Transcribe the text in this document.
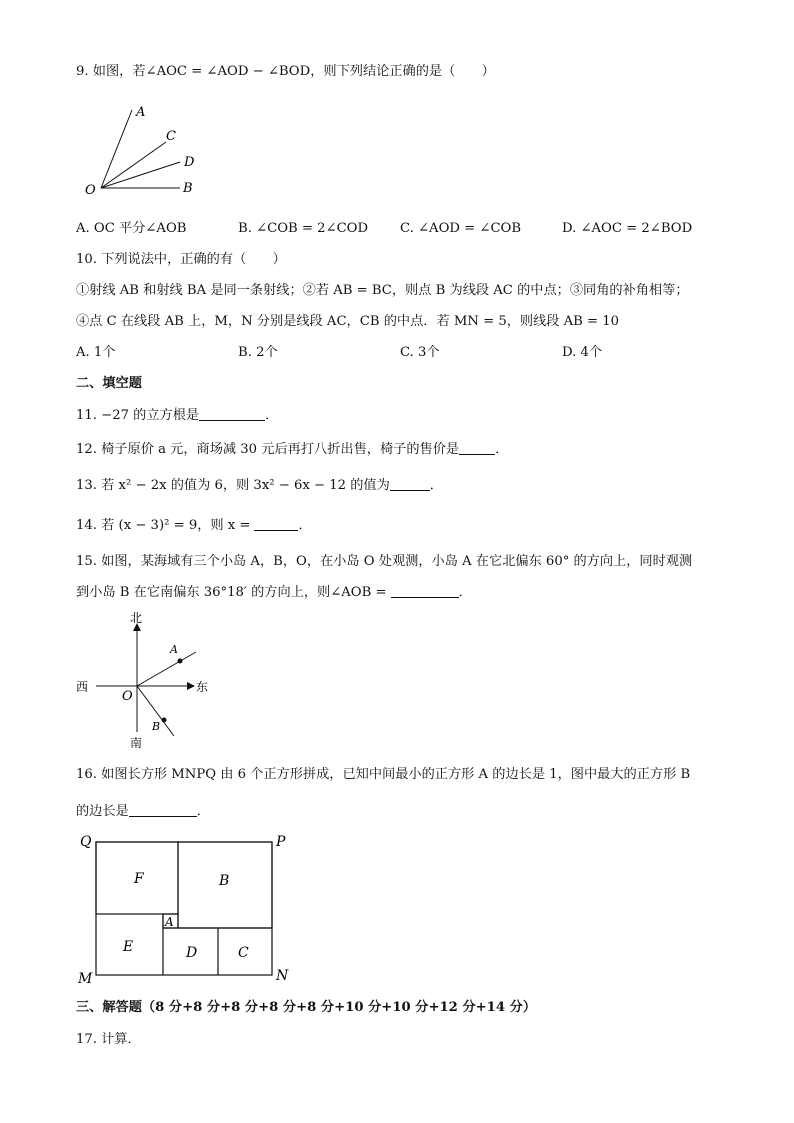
9. 如图，若∠AOC = ∠AOD − ∠BOD，则下列结论正确的是（　　）
A
C
D
O	B
A. OC 平分∠AOB	B. ∠COB = 2∠COD C. ∠AOD = ∠COB	D. ∠AOC = 2∠BOD
10. 下列说法中，正确的有（　　）
①射线 AB 和射线 BA 是同一条射线；②若 AB = BC，则点 B 为线段 AC 的中点；③同角的补角相等；
④点 C 在线段 AB 上，M，N 分别是线段 AC，CB 的中点．若 MN = 5，则线段 AB = 10
A. 1个	B. 2个	C. 3个	D. 4个
二、填空题
11. −27 的立方根是	．
12. 椅子原价 a 元，商场减 30 元后再打八折出售，椅子的售价是	．
13. 若 x² − 2x 的值为 6，则 3x² − 6x − 12 的值为	．
14. 若 (x − 3)² = 9，则 x =	．
15. 如图，某海域有三个小岛 A，B，O，在小岛 O 处观测，小岛 A 在它北偏东 60° 的方向上，同时观测
到小岛 B 在它南偏东 36°18′ 的方向上，则∠AOB =	．
北
南
西	东
O
A
B
16. 如图长方形 MNPQ 由 6 个正方形拼成，已知中间最小的正方形 A 的边长是 1，图中最大的正方形 B
的边长是	．
Q	P
M	N
F	B
A
E	D	C
三、解答题（8 分+8 分+8 分+8 分+8 分+10 分+10 分+12 分+14 分）
17. 计算．
